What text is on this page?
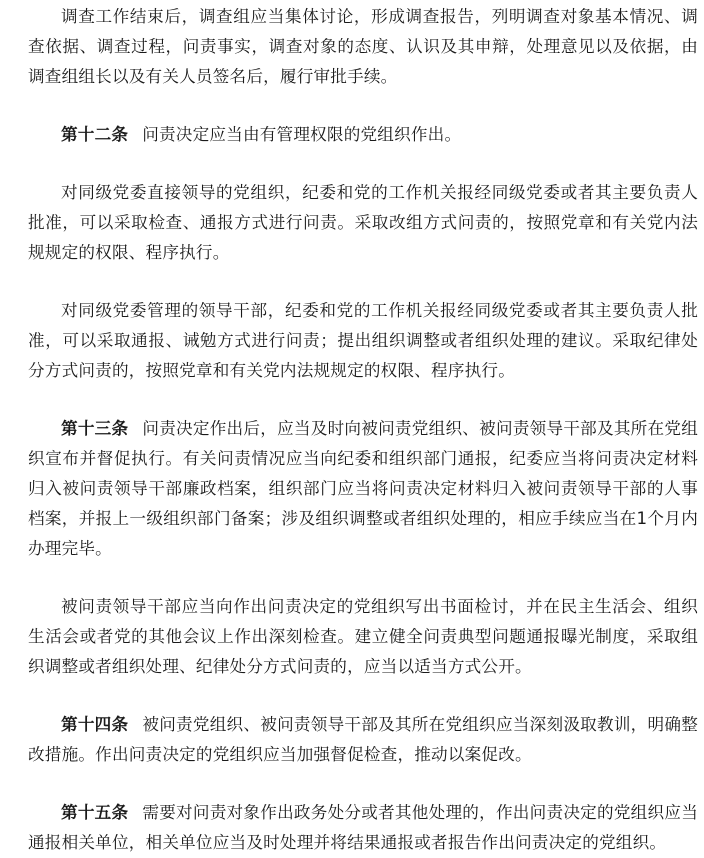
调查工作结束后，调查组应当集体讨论，形成调查报告，列明调查对象基本情况、调查依据、调查过程，问责事实，调查对象的态度、认识及其申辩，处理意见以及依据，由调查组组长以及有关人员签名后，履行审批手续。

第十二条 问责决定应当由有管理权限的党组织作出。

对同级党委直接领导的党组织，纪委和党的工作机关报经同级党委或者其主要负责人批准，可以采取检查、通报方式进行问责。采取改组方式问责的，按照党章和有关党内法规规定的权限、程序执行。

对同级党委管理的领导干部，纪委和党的工作机关报经同级党委或者其主要负责人批准，可以采取通报、诫勉方式进行问责；提出组织调整或者组织处理的建议。采取纪律处分方式问责的，按照党章和有关党内法规规定的权限、程序执行。

第十三条 问责决定作出后，应当及时向被问责党组织、被问责领导干部及其所在党组织宣布并督促执行。有关问责情况应当向纪委和组织部门通报，纪委应当将问责决定材料归入被问责领导干部廉政档案，组织部门应当将问责决定材料归入被问责领导干部的人事档案，并报上一级组织部门备案；涉及组织调整或者组织处理的，相应手续应当在1个月内办理完毕。

被问责领导干部应当向作出问责决定的党组织写出书面检讨，并在民主生活会、组织生活会或者党的其他会议上作出深刻检查。建立健全问责典型问题通报曝光制度，采取组织调整或者组织处理、纪律处分方式问责的，应当以适当方式公开。

第十四条 被问责党组织、被问责领导干部及其所在党组织应当深刻汲取教训，明确整改措施。作出问责决定的党组织应当加强督促检查，推动以案促改。

第十五条 需要对问责对象作出政务处分或者其他处理的，作出问责决定的党组织应当通报相关单位，相关单位应当及时处理并将结果通报或者报告作出问责决定的党组织。
